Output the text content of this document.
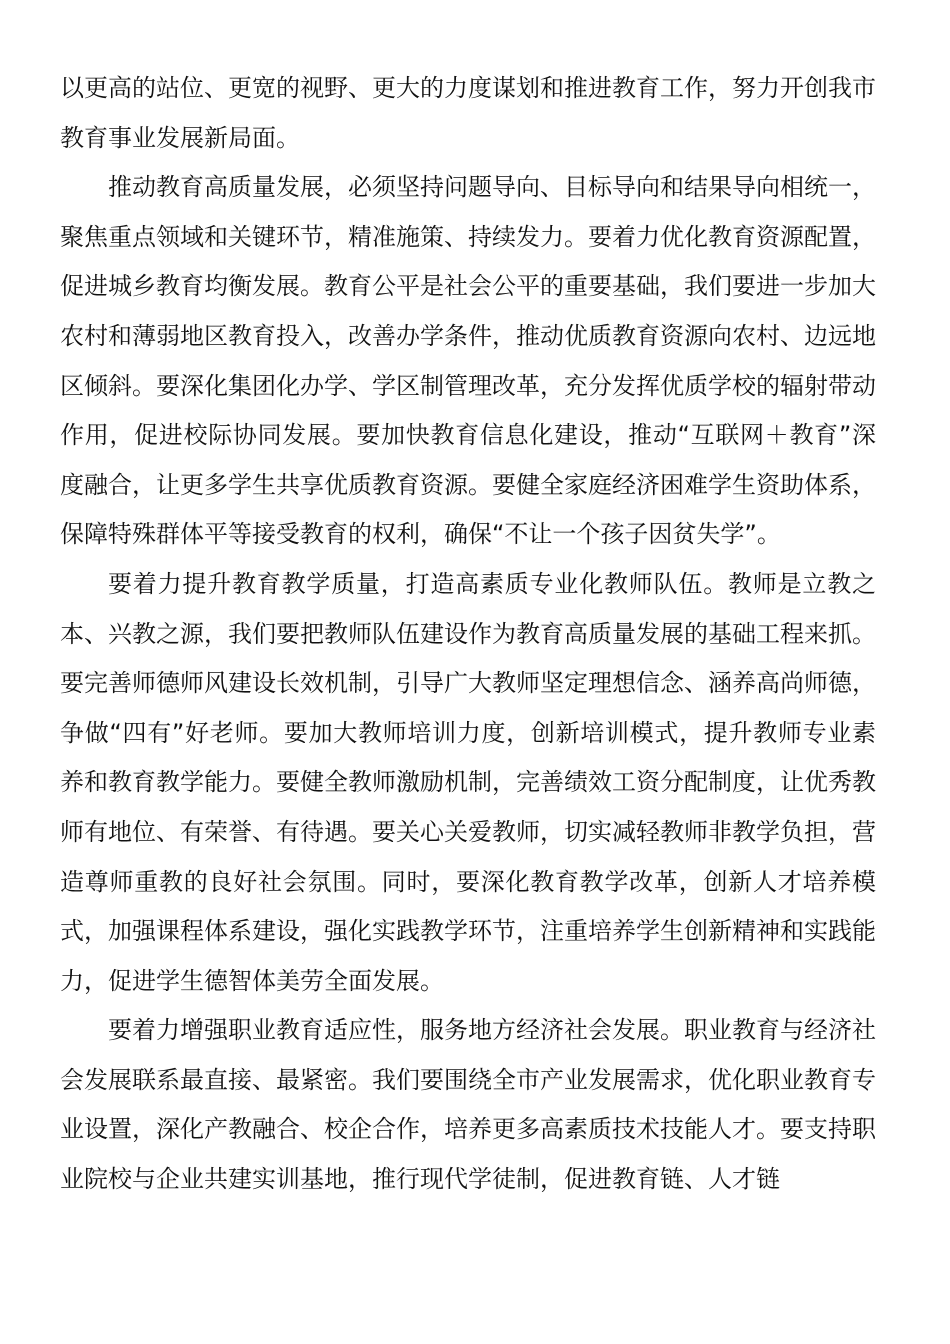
以更高的站位、更宽的视野、更大的力度谋划和推进教育工作，努力开创我市教育事业发展新局面。

推动教育高质量发展，必须坚持问题导向、目标导向和结果导向相统一，聚焦重点领域和关键环节，精准施策、持续发力。要着力优化教育资源配置，促进城乡教育均衡发展。教育公平是社会公平的重要基础，我们要进一步加大农村和薄弱地区教育投入，改善办学条件，推动优质教育资源向农村、边远地区倾斜。要深化集团化办学、学区制管理改革，充分发挥优质学校的辐射带动作用，促进校际协同发展。要加快教育信息化建设，推动“互联网＋教育”深度融合，让更多学生共享优质教育资源。要健全家庭经济困难学生资助体系，保障特殊群体平等接受教育的权利，确保“不让一个孩子因贫失学”。

要着力提升教育教学质量，打造高素质专业化教师队伍。教师是立教之本、兴教之源，我们要把教师队伍建设作为教育高质量发展的基础工程来抓。要完善师德师风建设长效机制，引导广大教师坚定理想信念、涵养高尚师德，争做“四有”好老师。要加大教师培训力度，创新培训模式，提升教师专业素养和教育教学能力。要健全教师激励机制，完善绩效工资分配制度，让优秀教师有地位、有荣誉、有待遇。要关心关爱教师，切实减轻教师非教学负担，营造尊师重教的良好社会氛围。同时，要深化教育教学改革，创新人才培养模式，加强课程体系建设，强化实践教学环节，注重培养学生创新精神和实践能力，促进学生德智体美劳全面发展。

要着力增强职业教育适应性，服务地方经济社会发展。职业教育与经济社会发展联系最直接、最紧密。我们要围绕全市产业发展需求，优化职业教育专业设置，深化产教融合、校企合作，培养更多高素质技术技能人才。要支持职业院校与企业共建实训基地，推行现代学徒制，促进教育链、人才链
